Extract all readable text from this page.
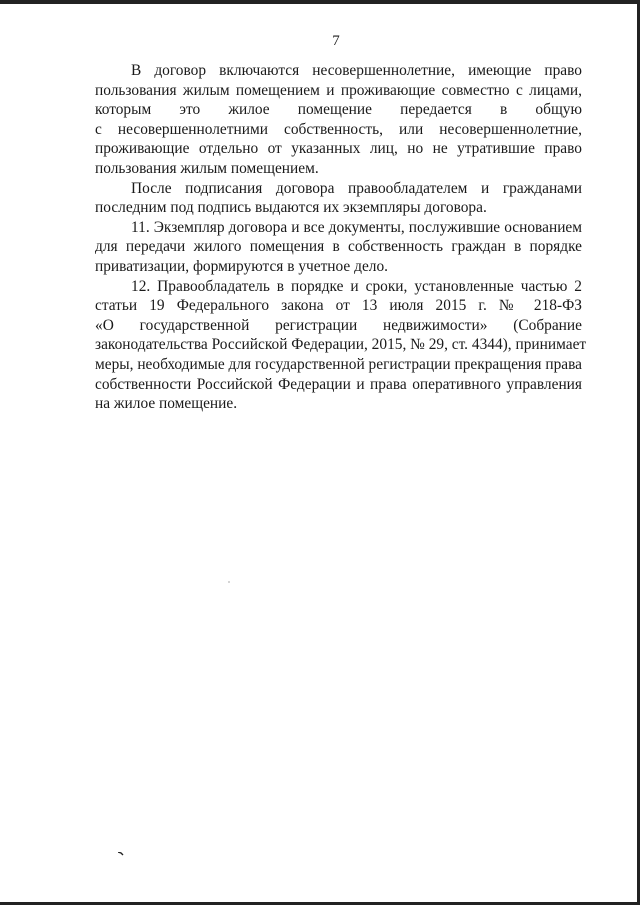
7
В договор включаются несовершеннолетние, имеющие право
пользования жилым помещением и проживающие совместно с лицами,
которым это жилое помещение передается в общую
с несовершеннолетними собственность, или несовершеннолетние,
проживающие отдельно от указанных лиц, но не утратившие право
пользования жилым помещением.
После подписания договора правообладателем и гражданами
последним под подпись выдаются их экземпляры договора.
11. Экземпляр договора и все документы, послужившие основанием
для передачи жилого помещения в собственность граждан в порядке
приватизации, формируются в учетное дело.
12. Правообладатель в порядке и сроки, установленные частью 2
статьи 19 Федерального закона от 13 июля 2015 г. № 218-ФЗ
«О государственной регистрации недвижимости» (Собрание
законодательства Российской Федерации, 2015, № 29, ст. 4344), принимает
меры, необходимые для государственной регистрации прекращения права
собственности Российской Федерации и права оперативного управления
на жилое помещение.
